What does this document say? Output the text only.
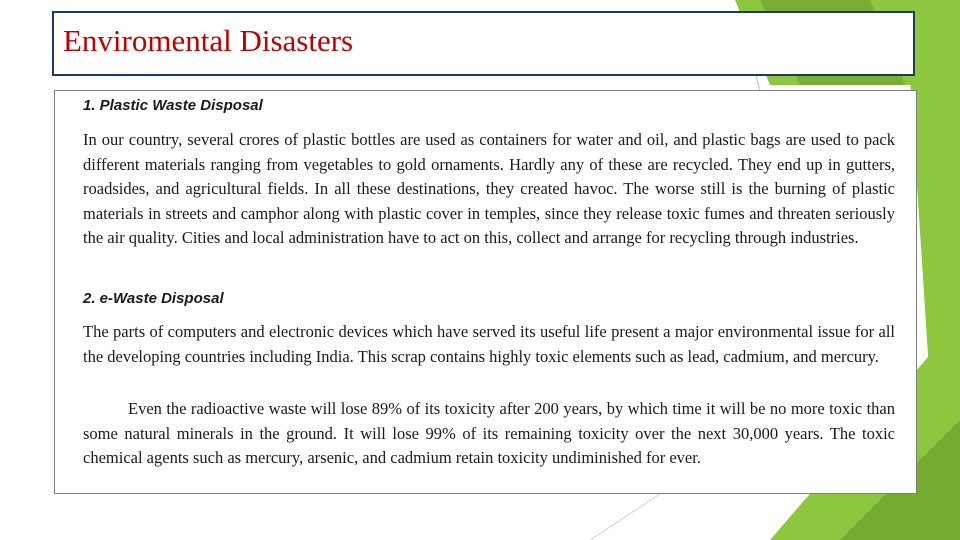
Enviromental Disasters
1. Plastic Waste Disposal

In our country, several crores of plastic bottles are used as containers for water and oil, and plastic bags are used to pack different materials ranging from vegetables to gold ornaments. Hardly any of these are recycled. They end up in gutters, roadsides, and agricultural fields. In all these destinations, they created havoc. The worse still is the burning of plastic materials in streets and camphor along with plastic cover in temples, since they release toxic fumes and threaten seriously the air quality. Cities and local administration have to act on this, collect and arrange for recycling through industries.

2. e-Waste Disposal

The parts of computers and electronic devices which have served its useful life present a major environmental issue for all the developing countries including India. This scrap contains highly toxic elements such as lead, cadmium, and mercury.

Even the radioactive waste will lose 89% of its toxicity after 200 years, by which time it will be no more toxic than some natural minerals in the ground. It will lose 99% of its remaining toxicity over the next 30,000 years. The toxic chemical agents such as mercury, arsenic, and cadmium retain toxicity undiminished for ever.
